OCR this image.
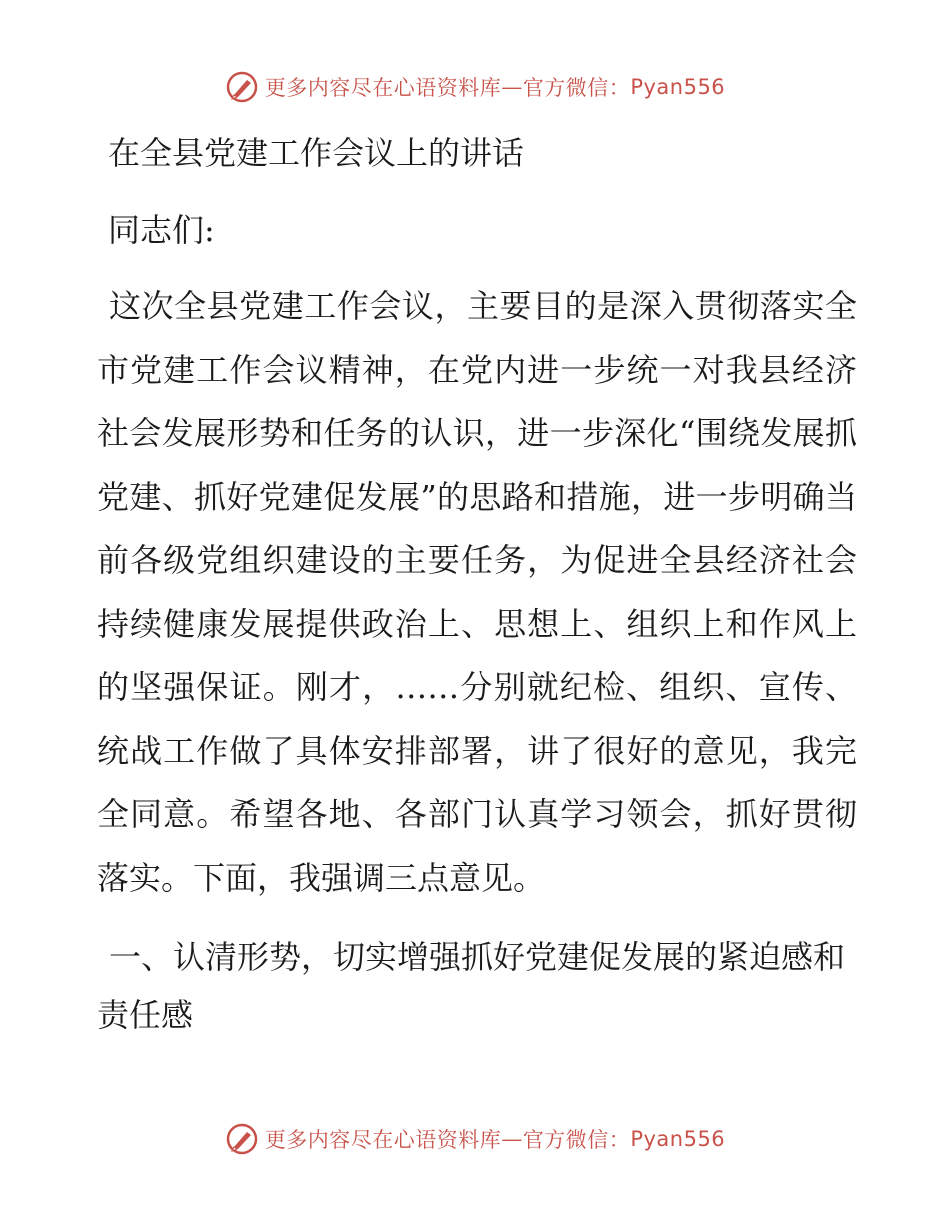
更多内容尽在心语资料库 — 官方微信： Pyan556
在全县党建工作会议上的讲话
同志们:
这次全县党建工作会议，主要目的是深入贯彻落实全市党建工作会议精神，在党内进一步统一对我县经济社会发展形势和任务的认识，进一步深化“围绕发展抓党建、抓好党建促发展”的思路和措施，进一步明确当前各级党组织建设的主要任务，为促进全县经济社会持续健康发展提供政治上、思想上、组织上和作风上的坚强保证。刚才，……分别就纪检、组织、宣传、统战工作做了具体安排部署，讲了很好的意见，我完全同意。希望各地、各部门认真学习领会，抓好贯彻落实。下面，我强调三点意见。
一、认清形势，切实增强抓好党建促发展的紧迫感和责任感
更多内容尽在心语资料库 — 官方微信： Pyan556
